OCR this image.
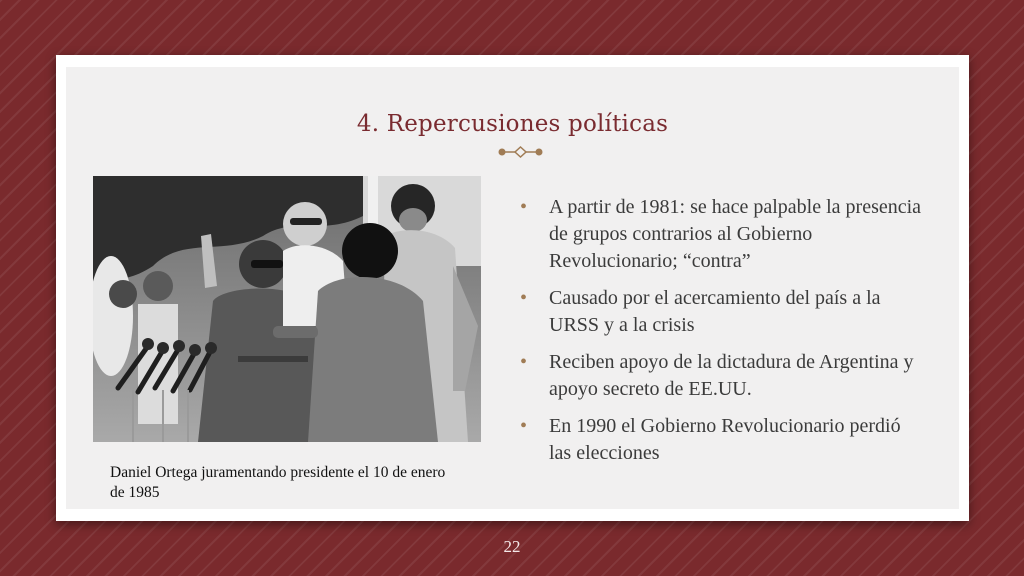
4. Repercusiones políticas

Daniel Ortega juramentando presidente el 10 de enero de 1985

• A partir de 1981: se hace palpable la presencia de grupos contrarios al Gobierno Revolucionario; “contra”
• Causado por el acercamiento del país a la URSS y a la crisis
• Reciben apoyo de la dictadura de Argentina y apoyo secreto de EE.UU.
• En 1990 el Gobierno Revolucionario perdió las elecciones
22
